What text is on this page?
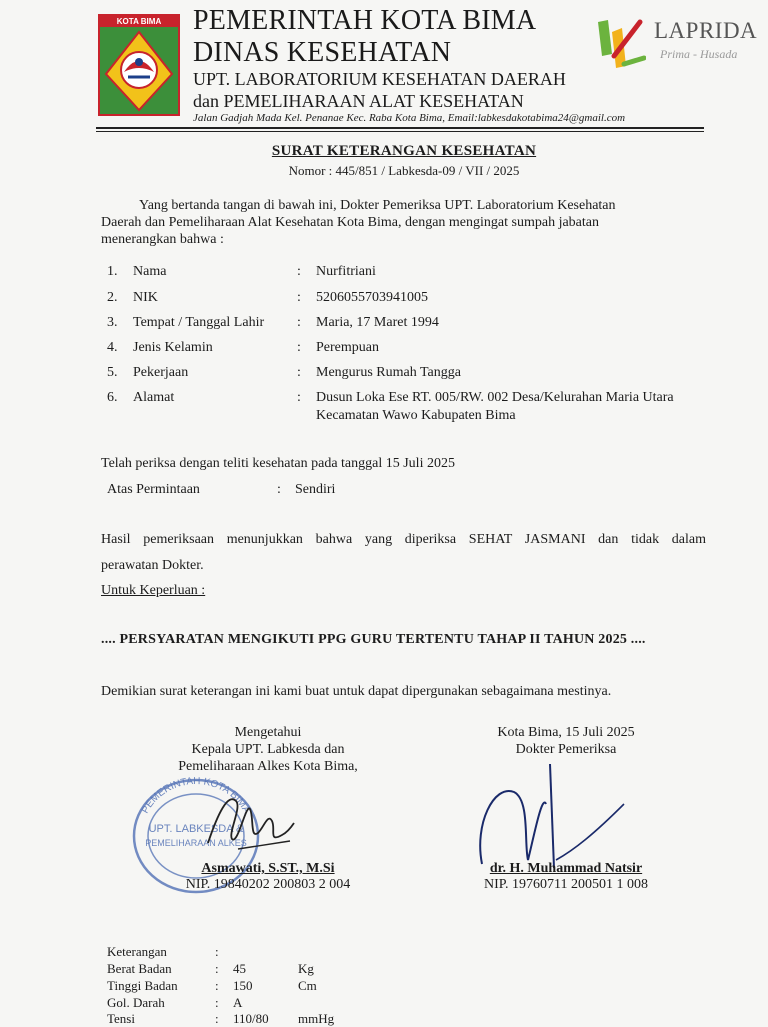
KOTA BIMA PEMERINTAH KOTA BIMA
DINAS KESEHATAN
UPT. LABORATORIUM KESEHATAN DAERAH
dan PEMELIHARAAN ALAT KESEHATAN
Jalan Gadjah Mada Kel. Penanae Kec. Raba Kota Bima, Email:labkesdakotabima24@gmail.com
LAPRIDA
Prima - Husada
SURAT KETERANGAN KESEHATAN
Nomor : 445/851 / Labkesda-09 / VII / 2025
Yang bertanda tangan di bawah ini, Dokter Pemeriksa UPT. Laboratorium Kesehatan
Daerah dan Pemeliharaan Alat Kesehatan Kota Bima, dengan mengingat sumpah jabatan
menerangkan bahwa :
1. Nama	: Nurfitriani
2. NIK	: 5206055703941005
3. Tempat / Tanggal Lahir : Maria, 17 Maret 1994
4. Jenis Kelamin	: Perempuan
5. Pekerjaan	: Mengurus Rumah Tangga
6. Alamat	: Dusun Loka Ese RT. 005/RW. 002 Desa/Kelurahan Maria Utara
Kecamatan Wawo Kabupaten Bima
Telah periksa dengan teliti kesehatan pada tanggal 15 Juli 2025
Atas Permintaan	: Sendiri
Hasil pemeriksaan menunjukkan bahwa yang diperiksa SEHAT JASMANI dan tidak dalam
perawatan Dokter.
Untuk Keperluan :
.... PERSYARATAN MENGIKUTI PPG GURU TERTENTU TAHAP II TAHUN 2025 ....
Demikian surat keterangan ini kami buat untuk dapat dipergunakan sebagaimana mestinya.
Mengetahui
Kepala UPT. Labkesda dan
Pemeliharaan Alkes Kota Bima,
PEMERINTAH KOTA BIMA
UPT. LABKESDA &
PEMELIHARAAN ALKES
Asmawati, S.ST., M.Si
NIP. 19840202 200803 2 004
Kota Bima, 15 Juli 2025
Dokter Pemeriksa
dr. H. Muhammad Natsir
NIP. 19760711 200501 1 008
Keterangan	:
Berat Badan	: 45	Kg
Tinggi Badan	: 150	Cm
Gol. Darah	: A
Tensi	: 110/80 mmHg
